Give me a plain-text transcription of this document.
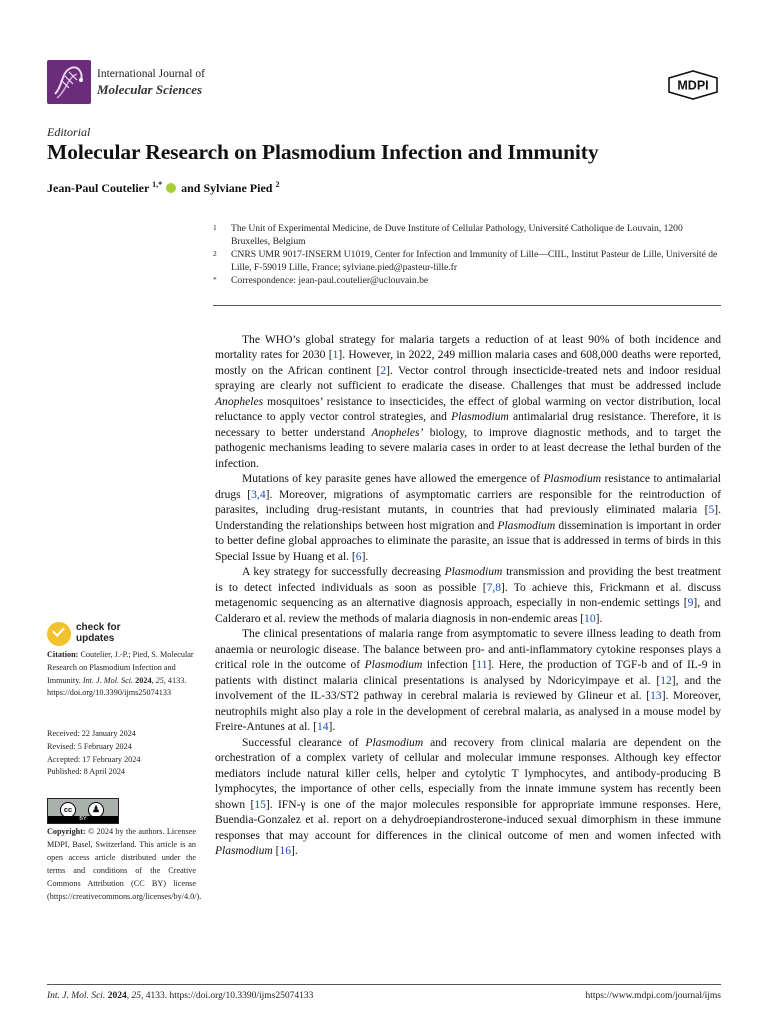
International Journal of
Molecular Sciences	MDPI
Editorial
Molecular Research on Plasmodium Infection and Immunity
Jean-Paul Coutelier $^{1,*}$ and Sylviane Pied $^2$
1	The Unit of Experimental Medicine, de Duve Institute of Cellular Pathology, Université Catholique de Louvain, 1200 Bruxelles, Belgium
2	CNRS UMR 9017-INSERM U1019, Center for Infection and Immunity of Lille—CIIL, Institut Pasteur de Lille, Université de Lille, F-59019 Lille, France; sylviane.pied@pasteur-lille.fr
*	Correspondence: jean-paul.coutelier@uclouvain.be

The WHO’s global strategy for malaria targets a reduction of at least 90% of both incidence and mortality rates for 2030 [1]. However, in 2022, 249 million malaria cases and 608,000 deaths were reported, mostly on the African continent [2]. Vector control through insecticide-treated nets and indoor residual spraying are clearly not sufficient to eradicate the disease. Challenges that must be addressed include Anopheles mosquitoes’ resistance to insecticides, the effect of global warming on vector distribution, local reluctance to apply vector control strategies, and Plasmodium antimalarial drug resistance. Therefore, it is necessary to better understand Anopheles’ biology, to improve diagnostic methods, and to target the pathogenic mechanisms leading to severe malaria cases in order to at least decrease the lethal burden of the infection.

Mutations of key parasite genes have allowed the emergence of Plasmodium resistance to antimalarial drugs [3,4]. Moreover, migrations of asymptomatic carriers are responsible for the reintroduction of parasites, including drug-resistant mutants, in countries that had previously eliminated malaria [5]. Understanding the relationships between host migration and Plasmodium dissemination is important in order to better define global approaches to eliminate the parasite, an issue that is addressed in terms of birds in this Special Issue by Huang et al. [6].

A key strategy for successfully decreasing Plasmodium transmission and providing the best treatment is to detect infected individuals as soon as possible [7,8]. To achieve this, Frickmann et al. discuss metagenomic sequencing as an alternative diagnosis approach, especially in non-endemic settings [9], and Calderaro et al. review the methods of malaria diagnosis in non-endemic areas [10].

The clinical presentations of malaria range from asymptomatic to severe illness leading to death from anaemia or neurologic disease. The balance between pro- and anti-inflammatory cytokine responses plays a critical role in the outcome of Plasmodium infection [11]. Here, the production of TGF-b and of IL-9 in patients with distinct malaria clinical presentations is analysed by Ndoricyimpaye et al. [12], and the involvement of the IL-33/ST2 pathway in cerebral malaria is reviewed by Glineur et al. [13]. Moreover, neutrophils might also play a role in the development of cerebral malaria, as analysed in a mouse model by Freire-Antunes at al. [14].

Successful clearance of Plasmodium and recovery from clinical malaria are dependent on the orchestration of a complex variety of cellular and molecular immune responses. Although key effector mediators include natural killer cells, helper and cytolytic T lymphocytes, and antibody-producing B lymphocytes, the importance of other cells, especially from the innate immune system has recently been shown [15]. IFN-γ is one of the major molecules responsible for appropriate immune responses. Here, Buendia-Gonzalez et al. report on a dehydroepiandrosterone-induced sexual dimorphism in these immune responses that may account for differences in the clinical outcome of men and women infected with Plasmodium [16].

check for
updates
Citation: Coutelier, J.-P.; Pied, S. Molecular Research on Plasmodium Infection and Immunity. Int. J. Mol. Sci. 2024, 25, 4133. https://doi.org/10.3390/ijms25074133
Received: 22 January 2024
Revised: 5 February 2024
Accepted: 17 February 2024
Published: 8 April 2024
cc	♟
BY
Copyright: © 2024 by the authors. Licensee MDPI, Basel, Switzerland. This article is an open access article distributed under the terms and conditions of the Creative Commons Attribution (CC BY) license (https://creativecommons.org/licenses/by/4.0/).
Int. J. Mol. Sci. 2024, 25, 4133. https://doi.org/10.3390/ijms25074133	https://www.mdpi.com/journal/ijms
